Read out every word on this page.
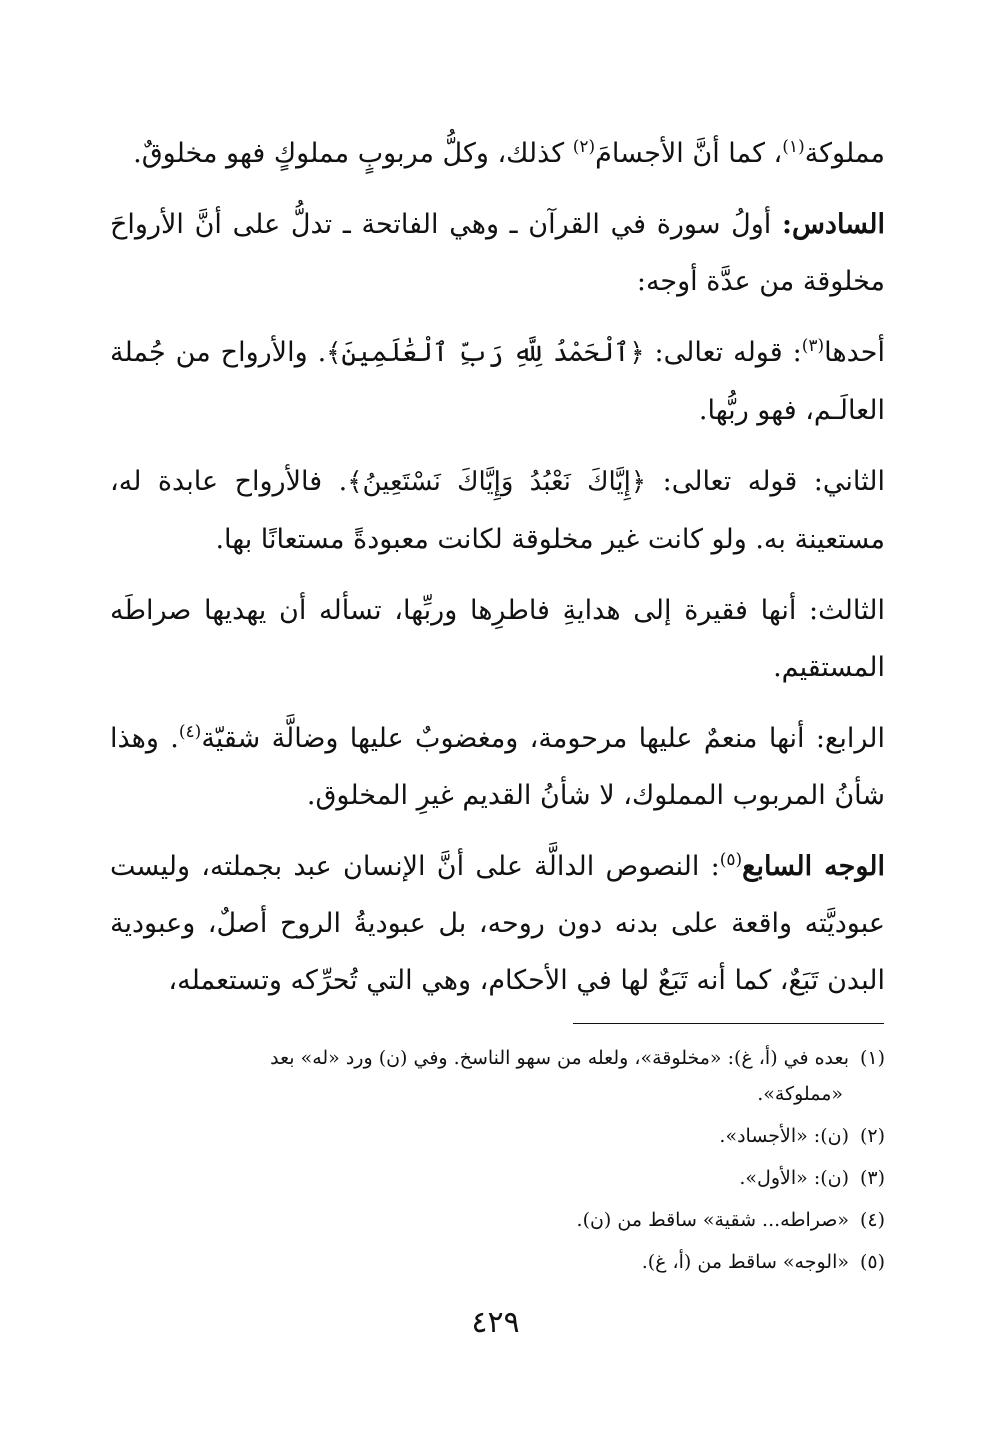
مملوكة$^{(١)}$، كما أنَّ الأجسامَ$^{(٢)}$ كذلك، وكلُّ مربوبٍ مملوكٍ فهو مخلوقٌ.

السادس: أولُ سورة في القرآن ـ وهي الفاتحة ـ تدلُّ على أنَّ الأرواحَ مخلوقة من عدَّة أوجه:

أحدها$^{(٣)}$: قوله تعالى: ﴿ٱلْحَمْدُ لِلَّهِ رَبِّ ٱلْعَٰلَمِينَ﴾. والأرواح من جُملة العالَـم، فهو ربُّها.

الثاني: قوله تعالى: ﴿إِيَّاكَ نَعْبُدُ وَإِيَّاكَ نَسْتَعِينُ﴾. فالأرواح عابدة له، مستعينة به. ولو كانت غير مخلوقة لكانت معبودةً مستعانًا بها.

الثالث: أنها فقيرة إلى هدايةِ فاطرِها وربِّها، تسأله أن يهديها صراطَه المستقيم.

الرابع: أنها منعمٌ عليها مرحومة، ومغضوبٌ عليها وضالَّة شقيّة$^{(٤)}$. وهذا شأنُ المربوب المملوك، لا شأنُ القديم غيرِ المخلوق.

الوجه السابع$^{(٥)}$: النصوص الدالَّة على أنَّ الإنسان عبد بجملته، وليست عبوديَّته واقعة على بدنه دون روحه، بل عبوديةُ الروح أصلٌ، وعبودية البدن تَبَعٌ، كما أنه تَبَعٌ لها في الأحكام، وهي التي تُحرِّكه وتستعمله،

(١)بعده في (أ، غ): «مخلوقة»، ولعله من سهو الناسخ. وفي (ن) ورد «له» بعد
«مملوكة».
(٢)(ن): «الأجساد».
(٣)(ن): «الأول».
(٤)«صراطه... شقية» ساقط من (ن).
(٥)«الوجه» ساقط من (أ، غ).
٤٢٩
